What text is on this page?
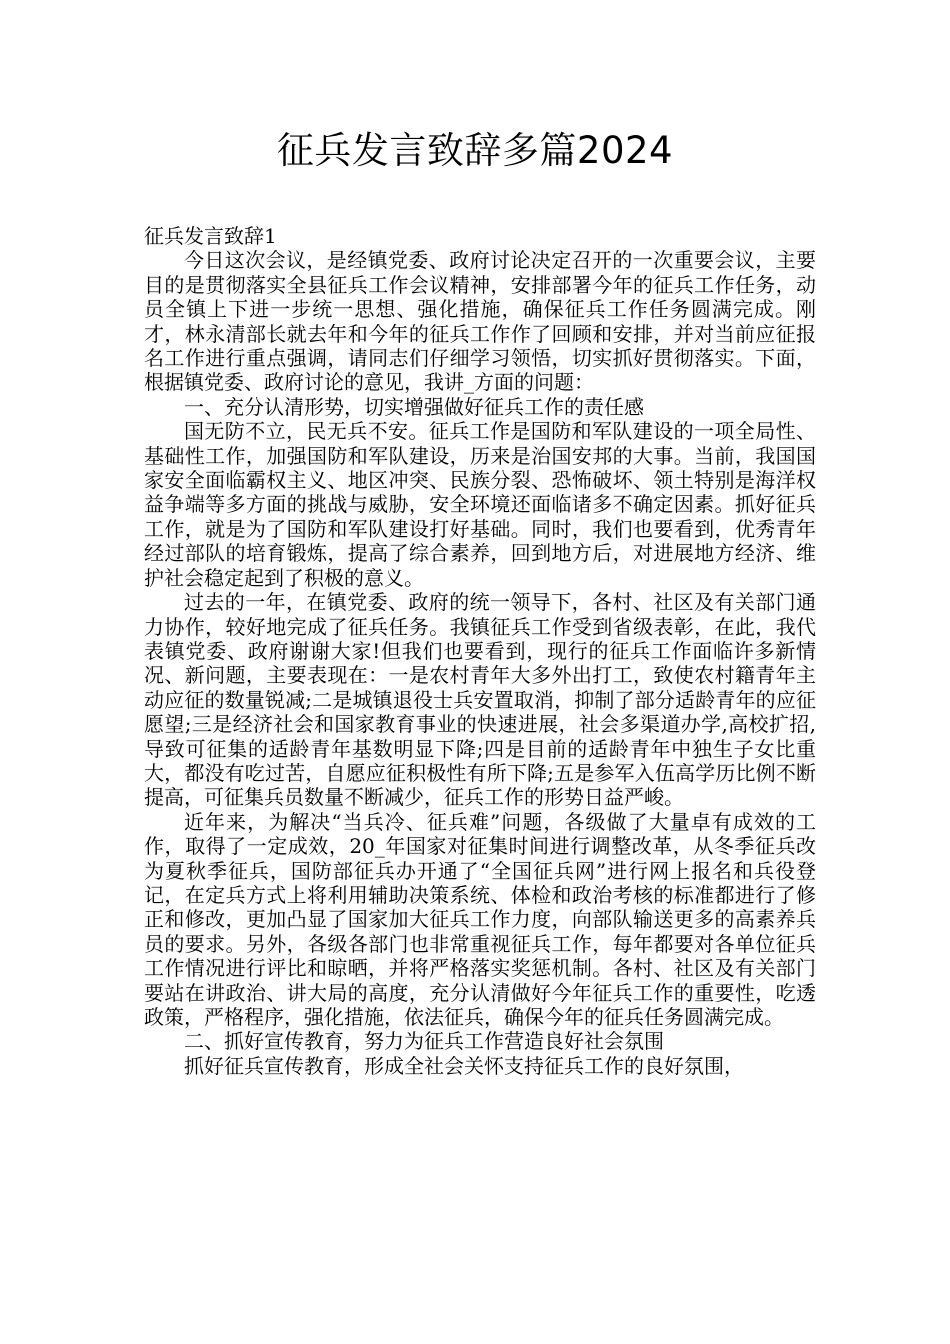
征兵发言致辞多篇2024

征兵发言致辞1

今日这次会议，是经镇党委、政府讨论决定召开的一次重要会议，主要目的是贯彻落实全县征兵工作会议精神，安排部署今年的征兵工作任务，动员全镇上下进一步统一思想、强化措施，确保征兵工作任务圆满完成。刚才，林永清部长就去年和今年的征兵工作作了回顾和安排，并对当前应征报名工作进行重点强调，请同志们仔细学习领悟，切实抓好贯彻落实。下面，根据镇党委、政府讨论的意见，我讲_方面的问题：

一、充分认清形势，切实增强做好征兵工作的责任感

国无防不立，民无兵不安。征兵工作是国防和军队建设的一项全局性、基础性工作，加强国防和军队建设，历来是治国安邦的大事。当前，我国国家安全面临霸权主义、地区冲突、民族分裂、恐怖破坏、领土特别是海洋权益争端等多方面的挑战与威胁，安全环境还面临诸多不确定因素。抓好征兵工作，就是为了国防和军队建设打好基础。同时，我们也要看到，优秀青年经过部队的培育锻炼，提高了综合素养，回到地方后，对进展地方经济、维护社会稳定起到了积极的意义。

过去的一年，在镇党委、政府的统一领导下，各村、社区及有关部门通力协作，较好地完成了征兵任务。我镇征兵工作受到省级表彰，在此，我代表镇党委、政府谢谢大家!但我们也要看到，现行的征兵工作面临许多新情况、新问题，主要表现在：一是农村青年大多外出打工，致使农村籍青年主动应征的数量锐减;二是城镇退役士兵安置取消，抑制了部分适龄青年的应征愿望;三是经济社会和国家教育事业的快速进展，社会多渠道办学,高校扩招,导致可征集的适龄青年基数明显下降;四是目前的适龄青年中独生子女比重大，都没有吃过苦，自愿应征积极性有所下降;五是参军入伍高学历比例不断提高，可征集兵员数量不断减少，征兵工作的形势日益严峻。

近年来，为解决“当兵冷、征兵难”问题，各级做了大量卓有成效的工作，取得了一定成效，20_年国家对征集时间进行调整改革，从冬季征兵改为夏秋季征兵，国防部征兵办开通了“全国征兵网”进行网上报名和兵役登记，在定兵方式上将利用辅助决策系统、体检和政治考核的标准都进行了修正和修改，更加凸显了国家加大征兵工作力度，向部队输送更多的高素养兵员的要求。另外，各级各部门也非常重视征兵工作，每年都要对各单位征兵工作情况进行评比和晾晒，并将严格落实奖惩机制。各村、社区及有关部门要站在讲政治、讲大局的高度，充分认清做好今年征兵工作的重要性，吃透政策，严格程序，强化措施，依法征兵，确保今年的征兵任务圆满完成。

二、抓好宣传教育，努力为征兵工作营造良好社会氛围

抓好征兵宣传教育，形成全社会关怀支持征兵工作的良好氛围，
